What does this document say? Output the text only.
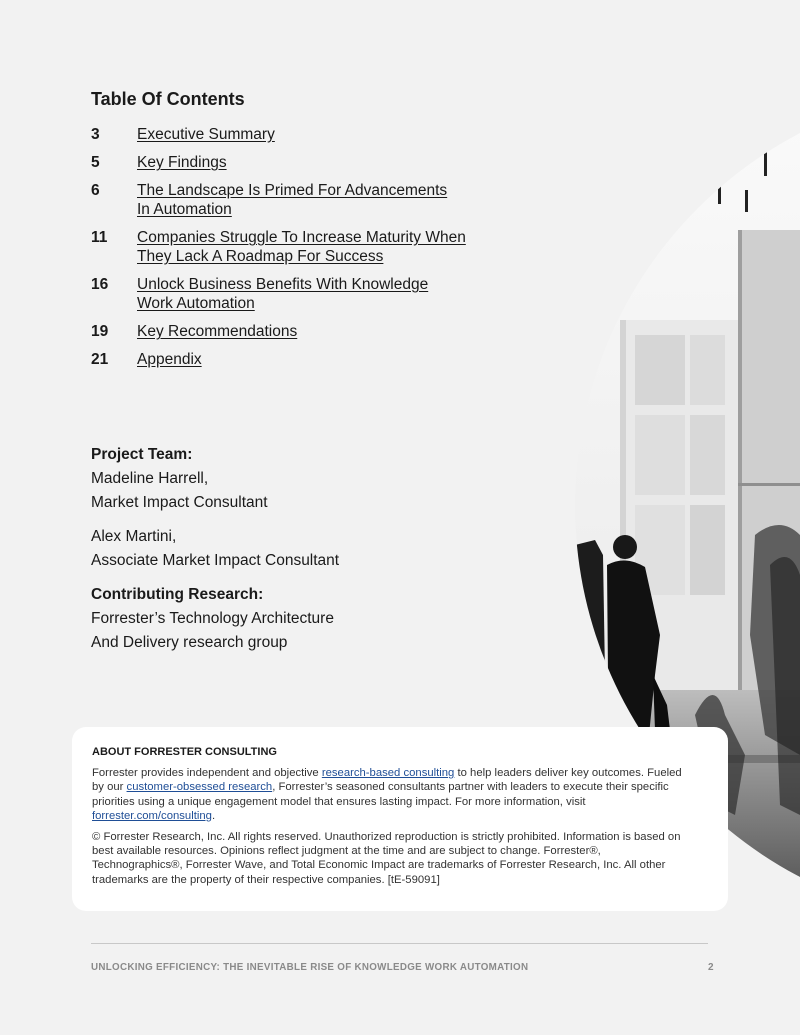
Table Of Contents
3	Executive Summary
5	Key Findings
6	The Landscape Is Primed For Advancements In Automation
11	Companies Struggle To Increase Maturity When They Lack A Roadmap For Success
16	Unlock Business Benefits With Knowledge Work Automation
19	Key Recommendations
21	Appendix
Project Team:
Madeline Harrell,
Market Impact Consultant
Alex Martini,
Associate Market Impact Consultant
Contributing Research:
Forrester’s Technology Architecture
And Delivery research group
ABOUT FORRESTER CONSULTING

Forrester provides independent and objective research-based consulting to help leaders deliver key outcomes. Fueled by our customer-obsessed research, Forrester’s seasoned consultants partner with leaders to execute their specific priorities using a unique engagement model that ensures lasting impact. For more information, visit forrester.com/consulting.

© Forrester Research, Inc. All rights reserved. Unauthorized reproduction is strictly prohibited. Information is based on best available resources. Opinions reflect judgment at the time and are subject to change. Forrester®, Technographics®, Forrester Wave, and Total Economic Impact are trademarks of Forrester Research, Inc. All other trademarks are the property of their respective companies. [tE-59091]

UNLOCKING EFFICIENCY: THE INEVITABLE RISE OF KNOWLEDGE WORK AUTOMATION	2
